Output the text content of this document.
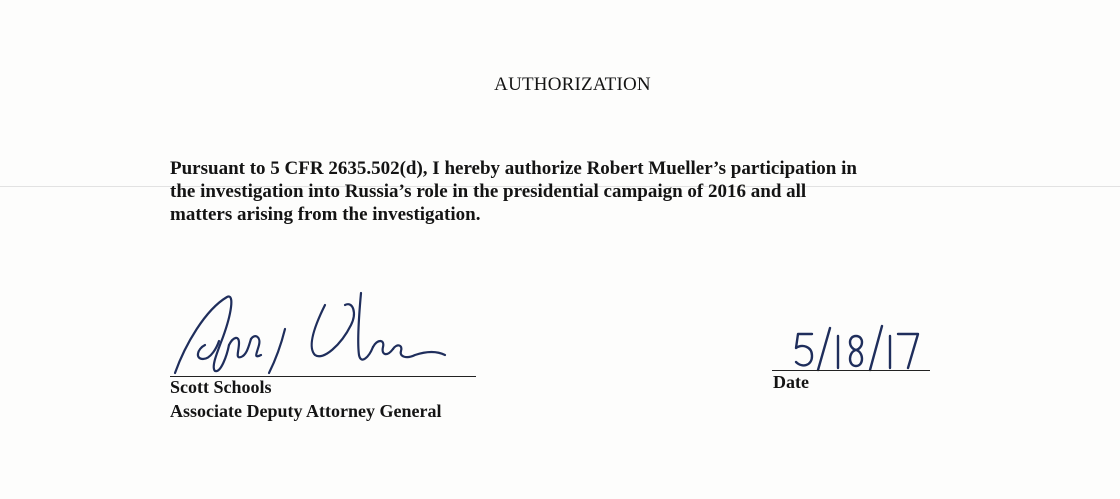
AUTHORIZATION
Pursuant to 5 CFR 2635.502(d), I hereby authorize Robert Mueller’s participation in
the investigation into Russia’s role in the presidential campaign of 2016 and all
matters arising from the investigation.
Scott Schools
Associate Deputy Attorney General
Date
